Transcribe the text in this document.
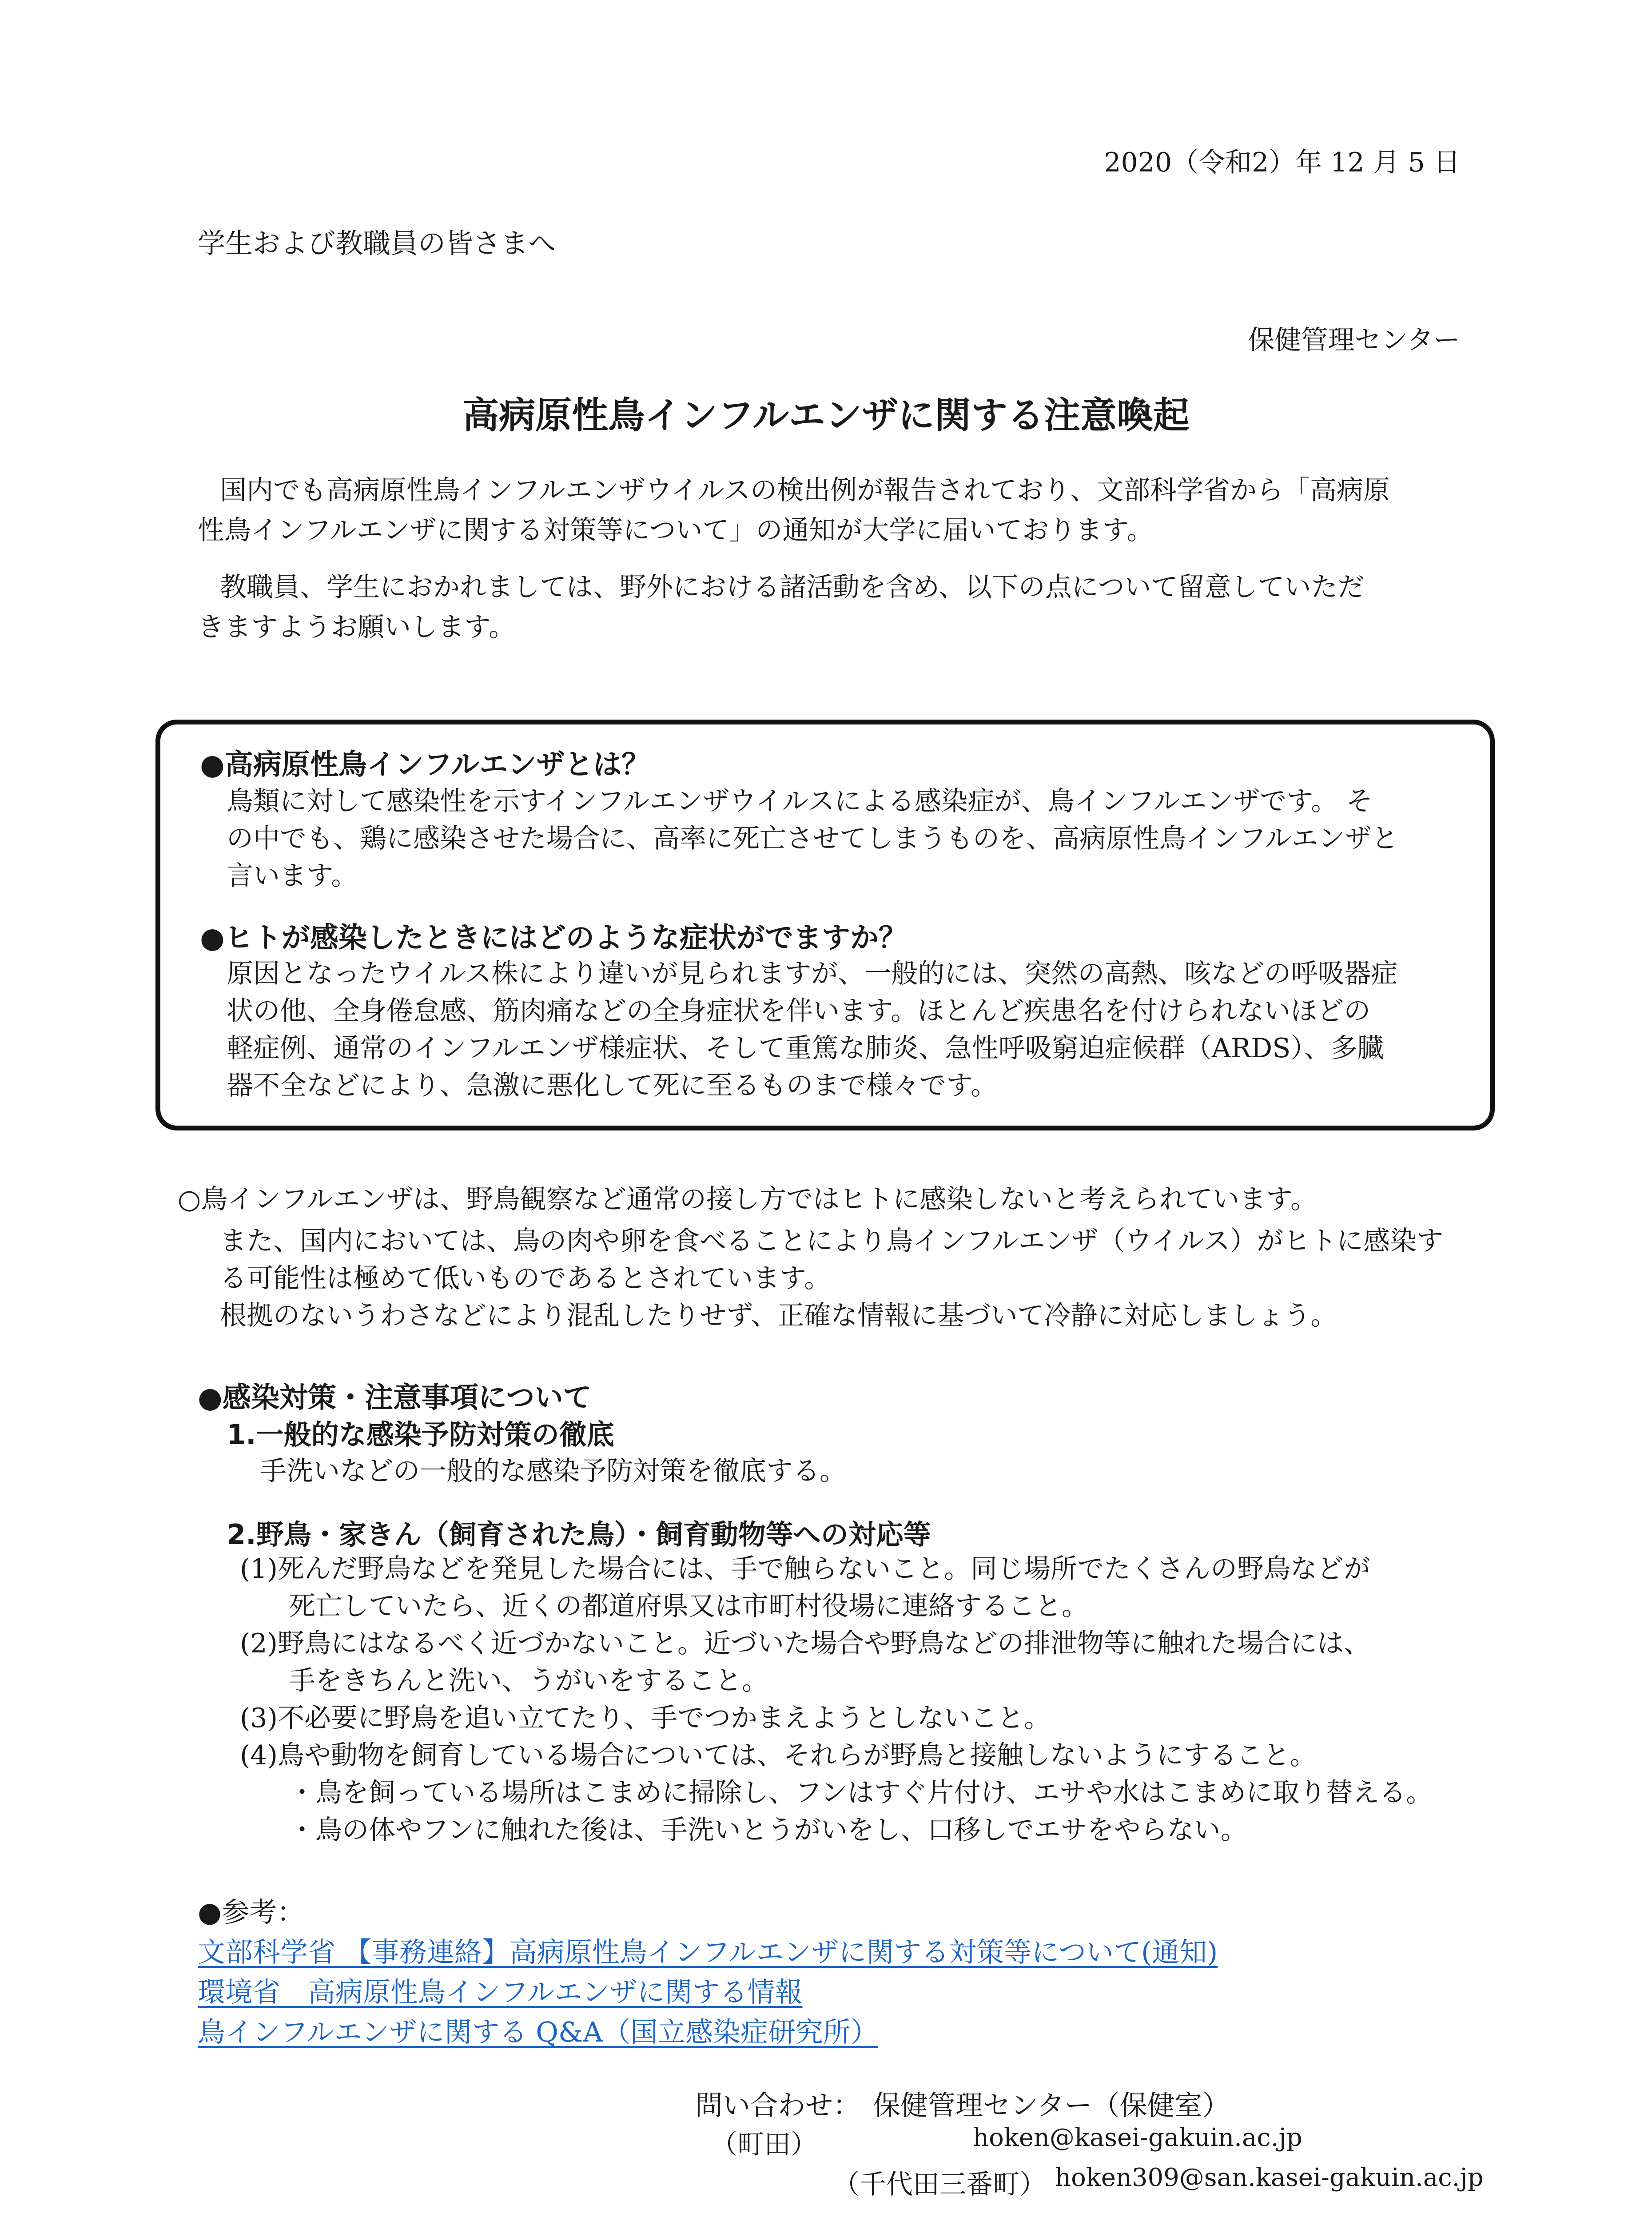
2020（令和2）年 12 月 5 日
学生および教職員の皆さまへ
保健管理センター
高病原性鳥インフルエンザに関する注意喚起
国内でも高病原性鳥インフルエンザウイルスの検出例が報告されており、文部科学省から「高病原
性鳥インフルエンザに関する対策等について」の通知が大学に届いております。
教職員、学生におかれましては、野外における諸活動を含め、以下の点について留意していただ
きますようお願いします。
●高病原性鳥インフルエンザとは？
鳥類に対して感染性を示すインフルエンザウイルスによる感染症が、鳥インフルエンザです。 そ
の中でも、鶏に感染させた場合に、高率に死亡させてしまうものを、高病原性鳥インフルエンザと
言います。
●ヒトが感染したときにはどのような症状がでますか？
原因となったウイルス株により違いが見られますが、一般的には、突然の高熱、咳などの呼吸器症
状の他、全身倦怠感、筋肉痛などの全身症状を伴います。ほとんど疾患名を付けられないほどの
軽症例、通常のインフルエンザ様症状、そして重篤な肺炎、急性呼吸窮迫症候群（ARDS）、多臓
器不全などにより、急激に悪化して死に至るものまで様々です。
○鳥インフルエンザは、野鳥観察など通常の接し方ではヒトに感染しないと考えられています。
また、国内においては、鳥の肉や卵を食べることにより鳥インフルエンザ（ウイルス）がヒトに感染す
る可能性は極めて低いものであるとされています。
根拠のないうわさなどにより混乱したりせず、正確な情報に基づいて冷静に対応しましょう。
●感染対策・注意事項について
1.一般的な感染予防対策の徹底
手洗いなどの一般的な感染予防対策を徹底する。
2.野鳥・家きん（飼育された鳥）・飼育動物等への対応等
(1)死んだ野鳥などを発見した場合には、手で触らないこと。同じ場所でたくさんの野鳥などが
死亡していたら、近くの都道府県又は市町村役場に連絡すること。
(2)野鳥にはなるべく近づかないこと。近づいた場合や野鳥などの排泄物等に触れた場合には、
手をきちんと洗い、うがいをすること。
(3)不必要に野鳥を追い立てたり、手でつかまえようとしないこと。
(4)鳥や動物を飼育している場合については、それらが野鳥と接触しないようにすること。
・鳥を飼っている場所はこまめに掃除し、フンはすぐ片付け、エサや水はこまめに取り替える。
・鳥の体やフンに触れた後は、手洗いとうがいをし、口移しでエサをやらない。
●参考：
文部科学省 【事務連絡】高病原性鳥インフルエンザに関する対策等について(通知)
環境省　高病原性鳥インフルエンザに関する情報
鳥インフルエンザに関する Q&A（国立感染症研究所）
問い合わせ： 保健管理センター（保健室）
（町田）	hoken@kasei-gakuin.ac.jp
（千代田三番町） hoken309@san.kasei-gakuin.ac.jp
